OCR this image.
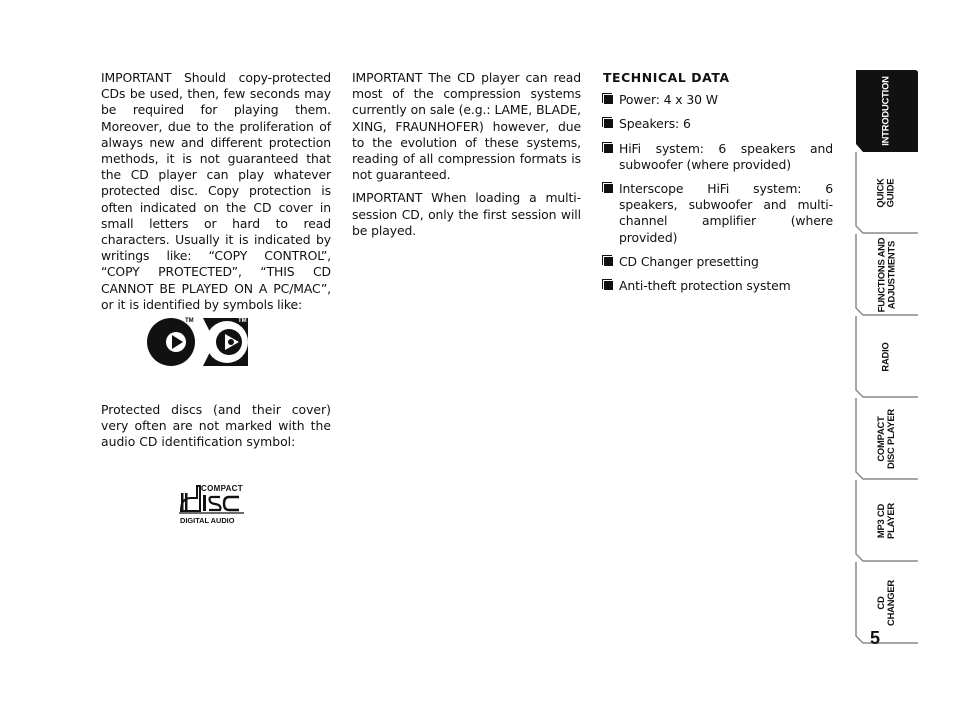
IMPORTANT Should copy-protected CDs be used, then, few seconds may be required for playing them. Moreover, due to the proliferation of always new and different protection methods, it is not guaranteed that the CD player can play whatever protected disc. Copy protection is often indicated on the CD cover in small letters or hard to read characters. Usually it is indicated by writings like: “COPY CONTROL”, “COPY PROTECTED”, “THIS CD CANNOT BE PLAYED ON A PC/MAC”, or it is identified by symbols like:

TM	TM
Protected discs (and their cover) very often are not marked with the audio CD identification symbol:
COMPACT
DIGITAL AUDIO

IMPORTANT The CD player can read most of the compression systems currently on sale (e.g.: LAME, BLADE, XING, FRAUNHOFER) however, due to the evolution of these systems, reading of all compression formats is not guaranteed.

IMPORTANT When loading a multi-session CD, only the first session will be played.

TECHNICAL DATA
Power: 4 x 30 W
Speakers: 6
HiFi system: 6 speakers and subwoofer (where provided)
Interscope HiFi system: 6 speakers, subwoofer and multi-channel amplifier (where provided)
CD Changer presetting
Anti-theft protection system
INTRODUCTION
QUICK
GUIDE
FUNCTIONS AND
ADJUSTMENTS
RADIO
COMPACT
DISC PLAYER
MP3 CD
PLAYER
CD
CHANGER
5
